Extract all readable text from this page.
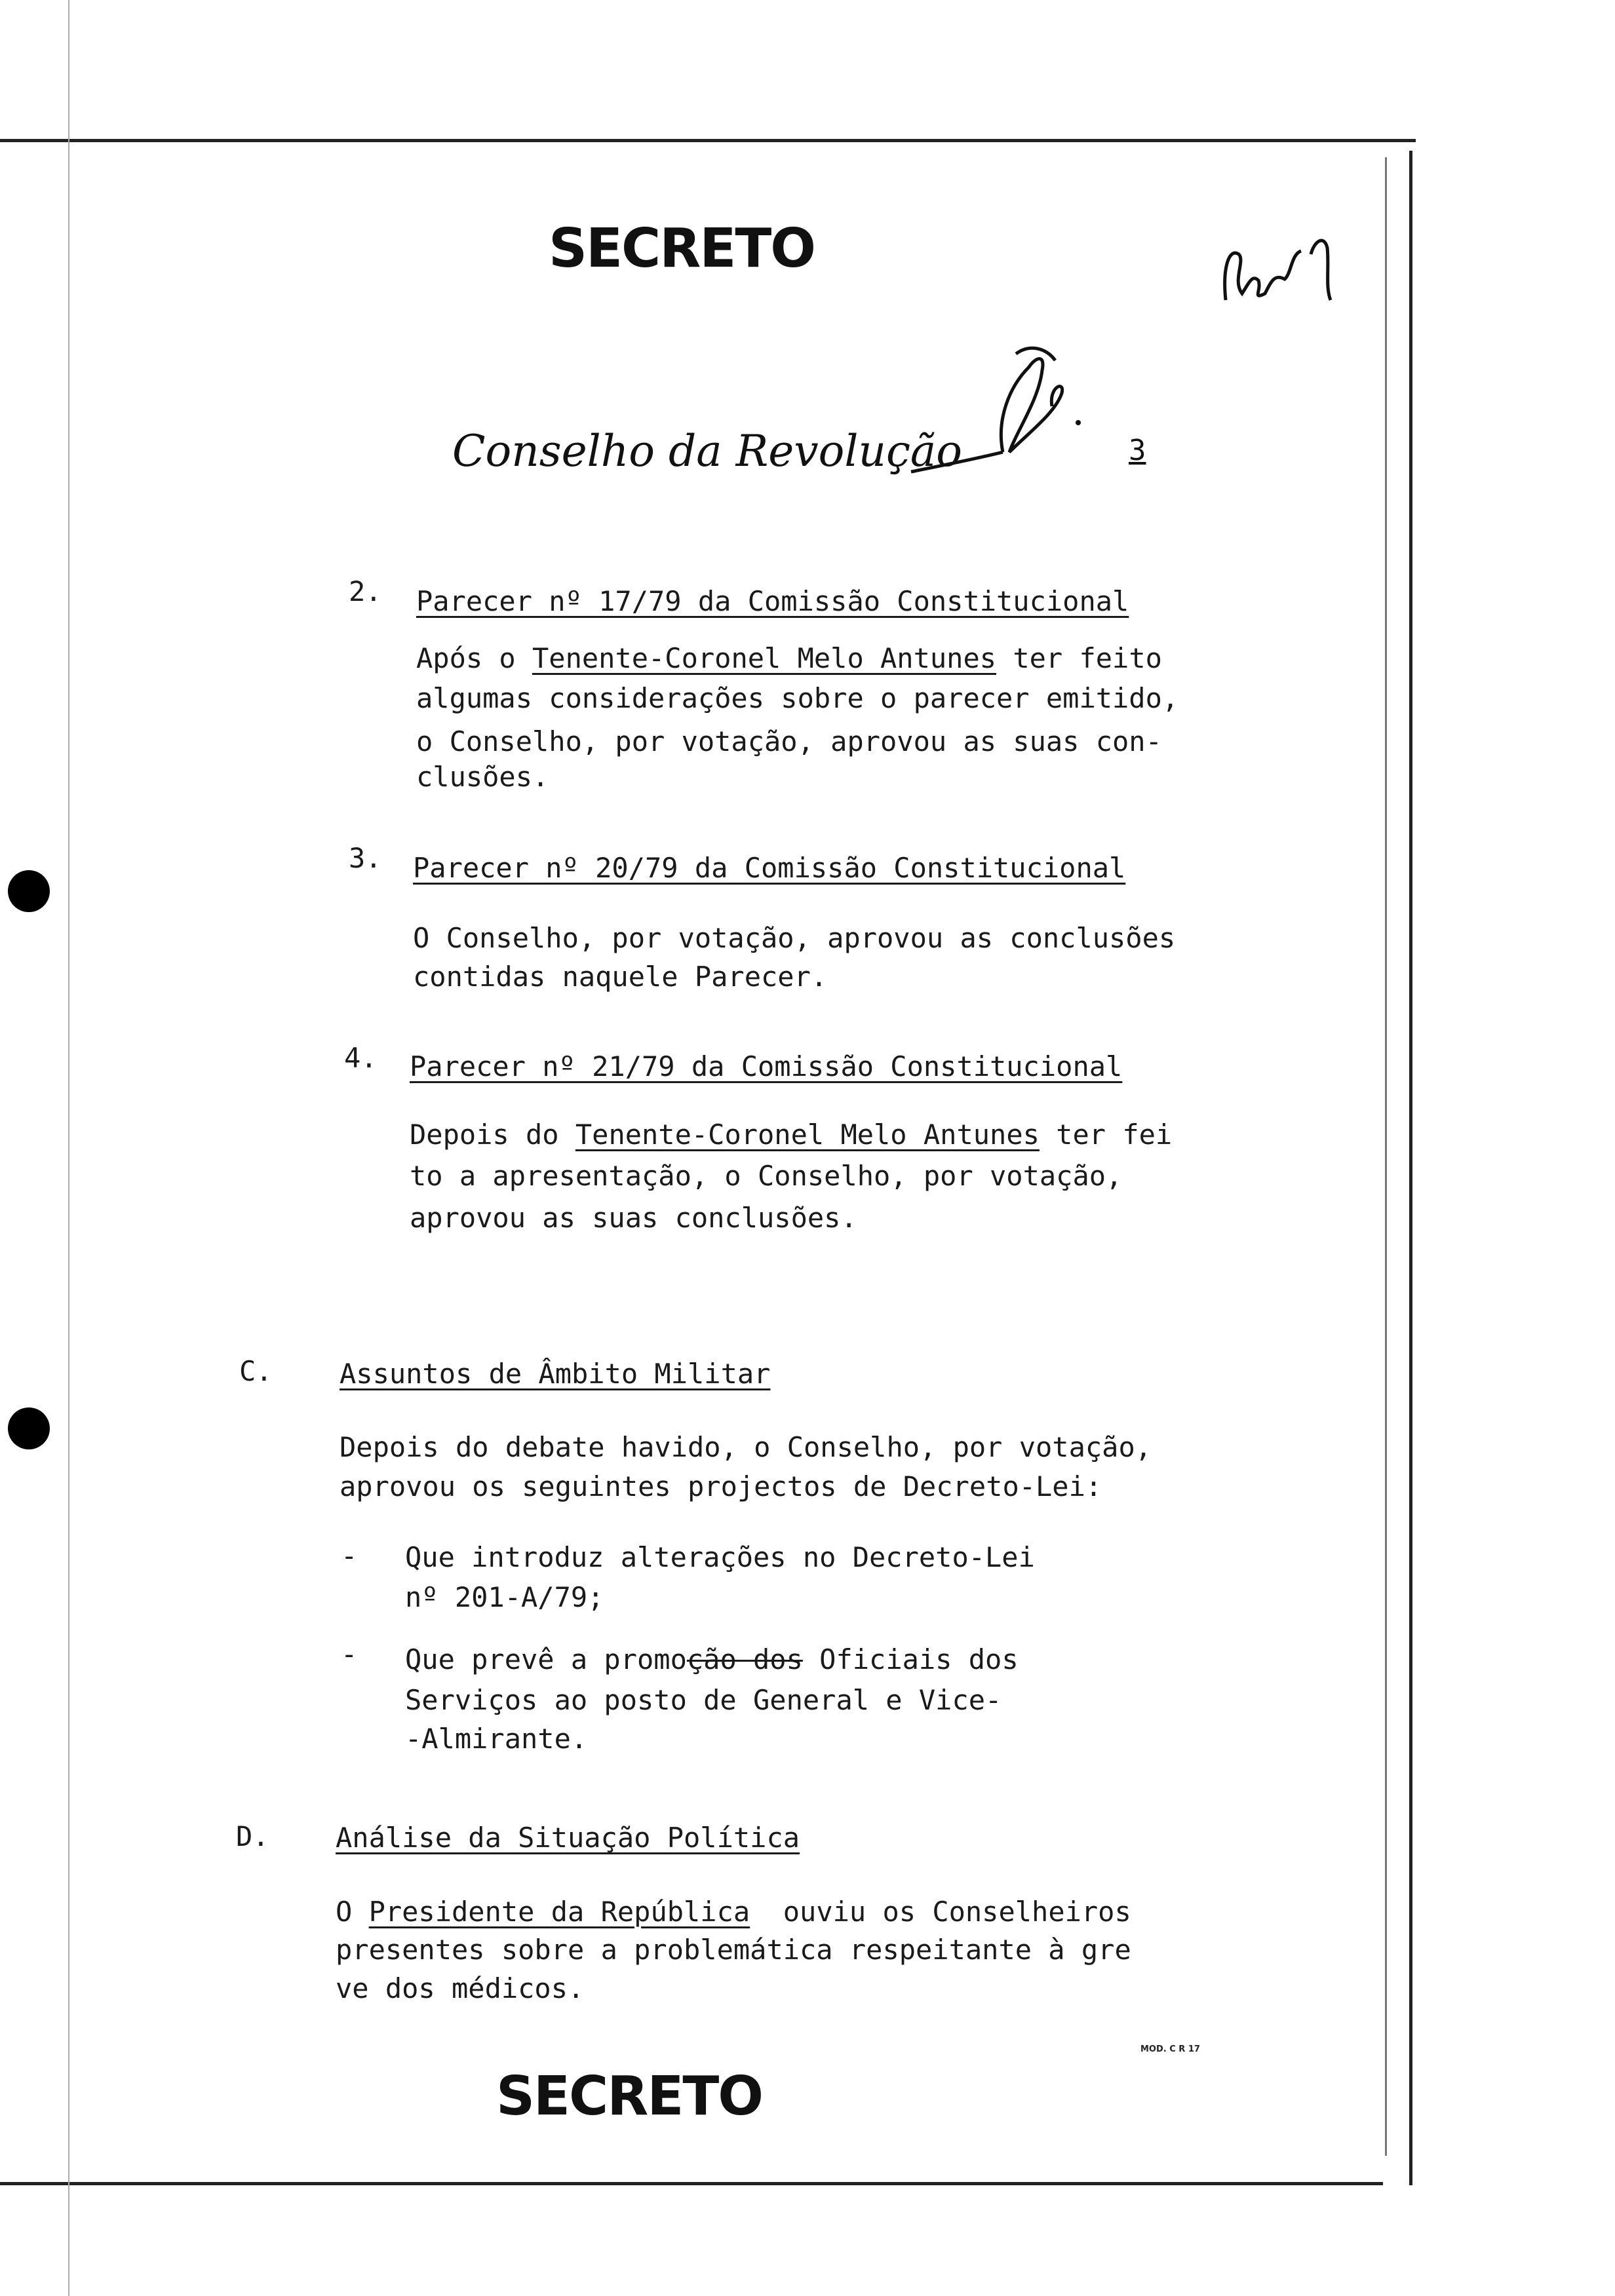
SECRETO
Conselho da Revolução	3
2. Parecer nº 17/79 da Comissão Constitucional
Após o Tenente-Coronel Melo Antunes ter feito
algumas considerações sobre o parecer emitido,
o Conselho, por votação, aprovou as suas con-
clusões.
3. Parecer nº 20/79 da Comissão Constitucional
O Conselho, por votação, aprovou as conclusões
contidas naquele Parecer.
4. Parecer nº 21/79 da Comissão Constitucional
Depois do Tenente-Coronel Melo Antunes ter fei
to a apresentação, o Conselho, por votação,
aprovou as suas conclusões.
C. Assuntos de Âmbito Militar
Depois do debate havido, o Conselho, por votação,
aprovou os seguintes projectos de Decreto-Lei:
- Que introduz alterações no Decreto-Lei
nº 201-A/79;
- Que prevê a promoção dos Oficiais dos
Serviços ao posto de General e Vice-
-Almirante.
D. Análise da Situação Política
O Presidente da República  ouviu os Conselheiros
presentes sobre a problemática respeitante à gre
ve dos médicos.
MOD. C R 17
SECRETO
